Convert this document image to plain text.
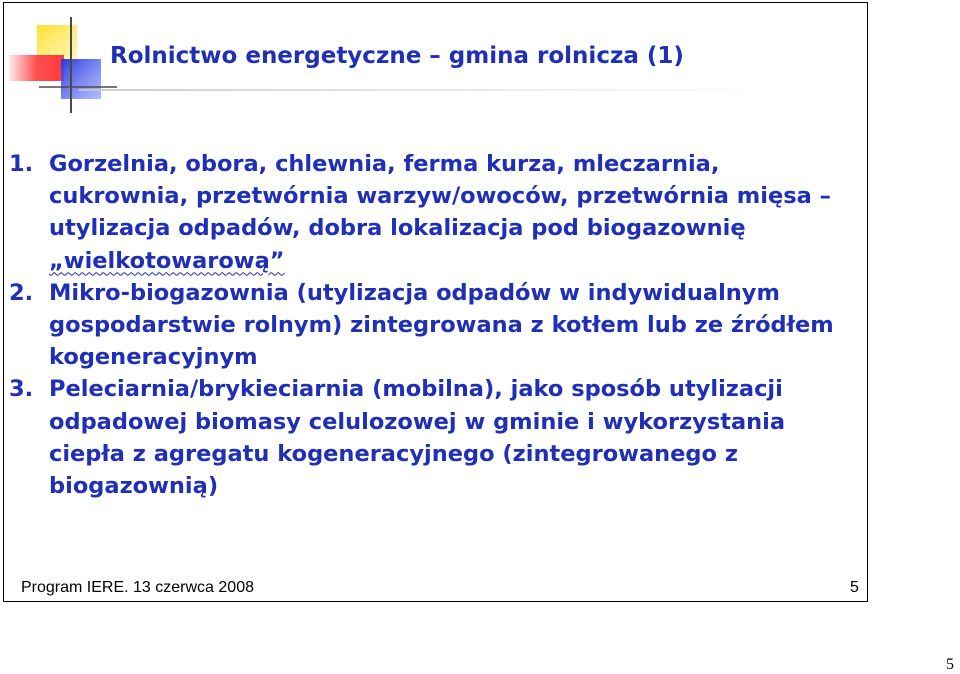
Rolnictwo energetyczne – gmina rolnicza (1)
1. Gorzelnia, obora, chlewnia, ferma kurza, mleczarnia, cukrownia, przetwórnia warzyw/owoców, przetwórnia mięsa – utylizacja odpadów, dobra lokalizacja pod biogazownię „wielkotowarową”
2. Mikro-biogazownia (utylizacja odpadów w indywidualnym gospodarstwie rolnym) zintegrowana z kotłem lub ze źródłem kogeneracyjnym
3. Peleciarnia/brykieciarnia (mobilna), jako sposób utylizacji odpadowej biomasy celulozowej w gminie i wykorzystania ciepła z agregatu kogeneracyjnego (zintegrowanego z biogazownią)
Program IERE. 13 czerwca 2008	5
5
